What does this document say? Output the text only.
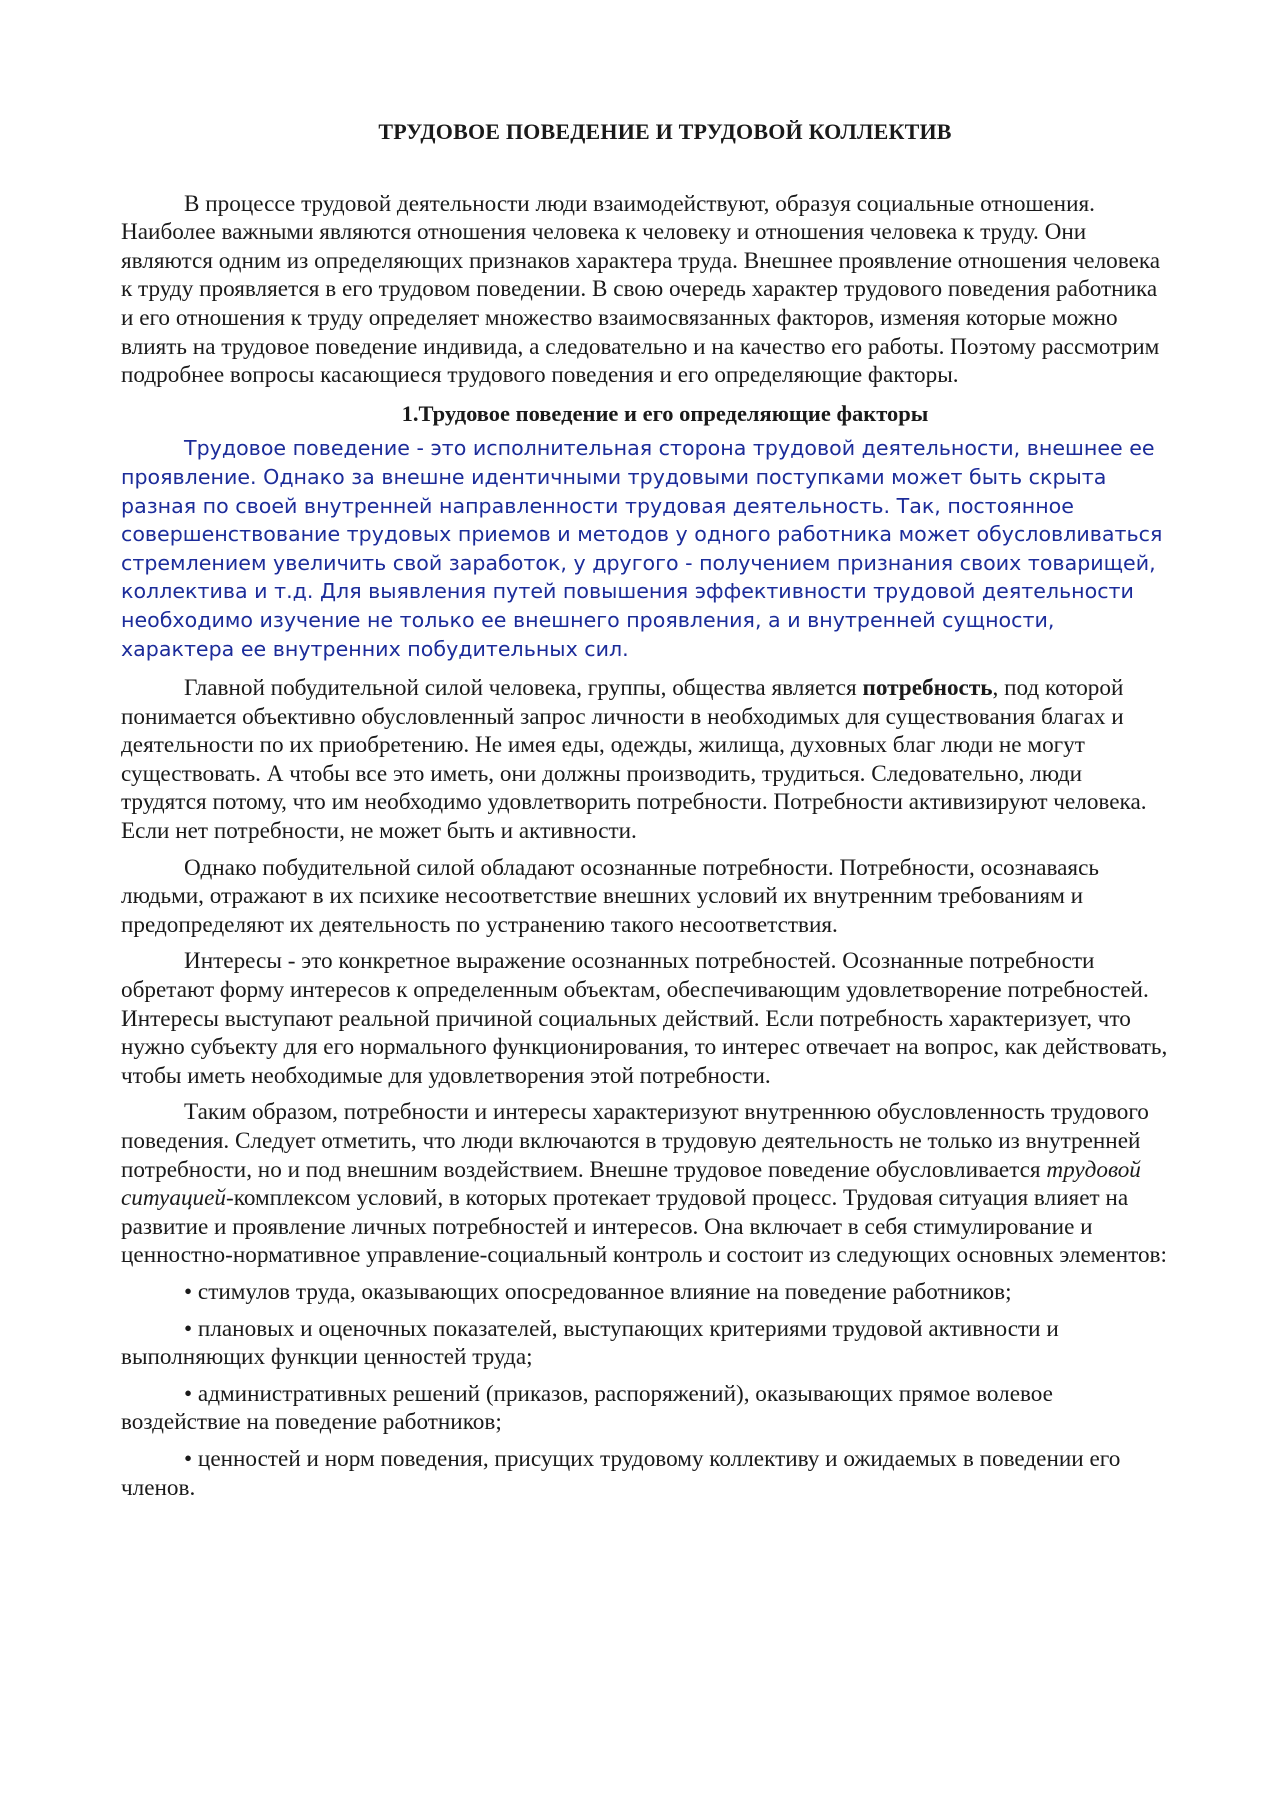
ТРУДОВОЕ ПОВЕДЕНИЕ И ТРУДОВОЙ КОЛЛЕКТИВ

В процессе трудовой деятельности люди взаимодействуют, образуя социальные отношения. Наиболее важными являются отношения человека к человеку и отношения человека к труду. Они являются одним из определяющих признаков характера труда. Внешнее проявление отношения человека к труду проявляется в его трудовом поведении. В свою очередь характер трудового поведения работника и его отношения к труду определяет множество взаимосвязанных факторов, изменяя которые можно влиять на трудовое поведение индивида, а следовательно и на качество его работы. Поэтому рассмотрим подробнее вопросы касающиеся трудового поведения и его определяющие факторы.

1.Трудовое поведение и его определяющие факторы

Трудовое поведение - это исполнительная сторона трудовой деятельности, внешнее ее проявление. Однако за внешне идентичными трудовыми поступками может быть скрыта разная по своей внутренней направленности трудовая деятельность. Так, постоянное совершенствование трудовых приемов и методов у одного работника может обусловливаться стремлением увеличить свой заработок, у другого - получением признания своих товарищей, коллектива и т.д. Для выявления путей повышения эффективности трудовой деятельности необходимо изучение не только ее внешнего проявления, а и внутренней сущности, характера ее внутренних побудительных сил.

Главной побудительной силой человека, группы, общества является потребность, под которой понимается объективно обусловленный запрос личности в необходимых для существования благах и деятельности по их приобретению. Не имея еды, одежды, жилища, духовных благ люди не могут существовать. А чтобы все это иметь, они должны производить, трудиться. Следовательно, люди трудятся потому, что им необходимо удовлетворить потребности. Потребности активизируют человека. Если нет потребности, не может быть и активности.

Однако побудительной силой обладают осознанные потребности. Потребности, осознаваясь людьми, отражают в их психике несоответствие внешних условий их внутренним требованиям и предопределяют их деятельность по устранению такого несоответствия.

Интересы - это конкретное выражение осознанных потребностей. Осознанные потребности обретают форму интересов к определенным объектам, обеспечивающим удовлетворение потребностей. Интересы выступают реальной причиной социальных действий. Если потребность характеризует, что нужно субъекту для его нормального функционирования, то интерес отвечает на вопрос, как действовать, чтобы иметь необходимые для удовлетворения этой потребности.

Таким образом, потребности и интересы характеризуют внутреннюю обусловленность трудового поведения. Следует отметить, что люди включаются в трудовую деятельность не только из внутренней потребности, но и под внешним воздействием. Внешне трудовое поведение обусловливается трудовой ситуацией-комплексом условий, в которых протекает трудовой процесс. Трудовая ситуация влияет на развитие и проявление личных потребностей и интересов. Она включает в себя стимулирование и ценностно-нормативное управление-социальный контроль и состоит из следующих основных элементов:

• стимулов труда, оказывающих опосредованное влияние на поведение работников;

• плановых и оценочных показателей, выступающих критериями трудовой активности и выполняющих функции ценностей труда;

• административных решений (приказов, распоряжений), оказывающих прямое волевое воздействие на поведение работников;

• ценностей и норм поведения, присущих трудовому коллективу и ожидаемых в поведении его членов.
